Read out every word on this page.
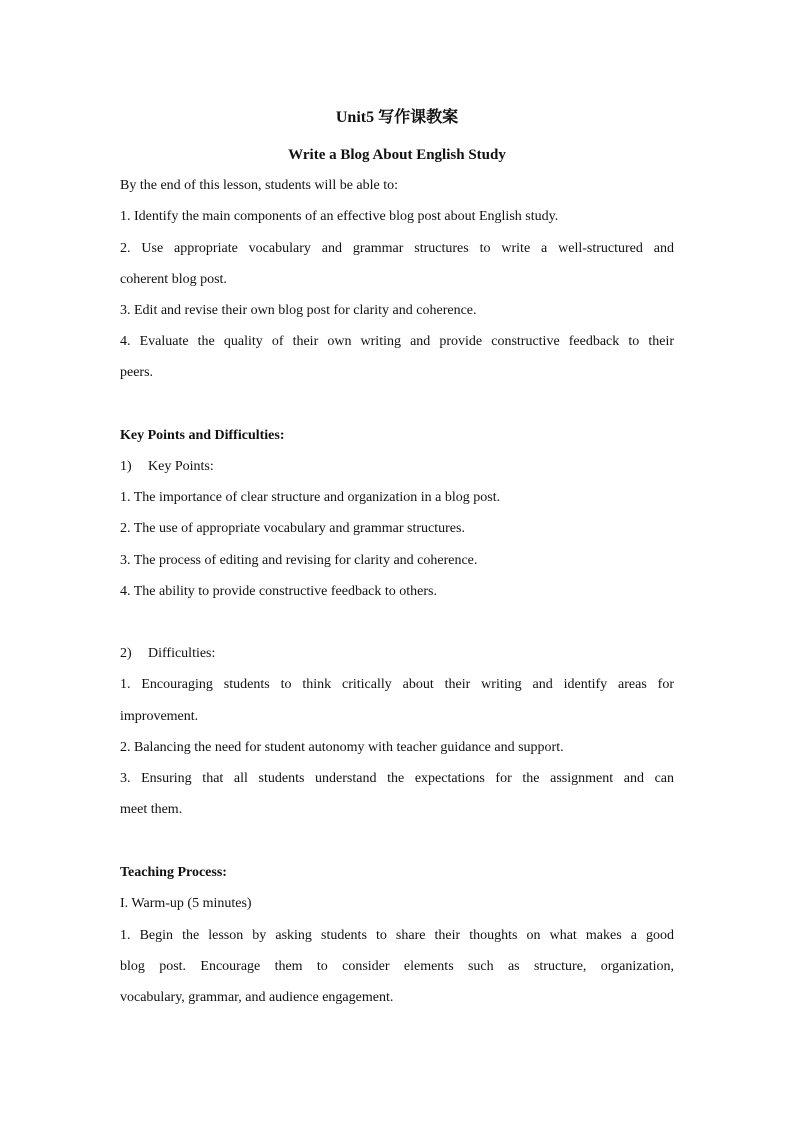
Unit5 写作课教案
Write a Blog About English Study
By the end of this lesson, students will be able to:
1. Identify the main components of an effective blog post about English study.
2. Use appropriate vocabulary and grammar structures to write a well-structured and
coherent blog post.
3. Edit and revise their own blog post for clarity and coherence.
4. Evaluate the quality of their own writing and provide constructive feedback to their
peers.
Key Points and Difficulties:
1) Key Points:
1. The importance of clear structure and organization in a blog post.
2. The use of appropriate vocabulary and grammar structures.
3. The process of editing and revising for clarity and coherence.
4. The ability to provide constructive feedback to others.
2) Difficulties:
1. Encouraging students to think critically about their writing and identify areas for
improvement.
2. Balancing the need for student autonomy with teacher guidance and support.
3. Ensuring that all students understand the expectations for the assignment and can
meet them.
Teaching Process:
I. Warm-up (5 minutes)
1. Begin the lesson by asking students to share their thoughts on what makes a good
blog post. Encourage them to consider elements such as structure, organization,
vocabulary, grammar, and audience engagement.
